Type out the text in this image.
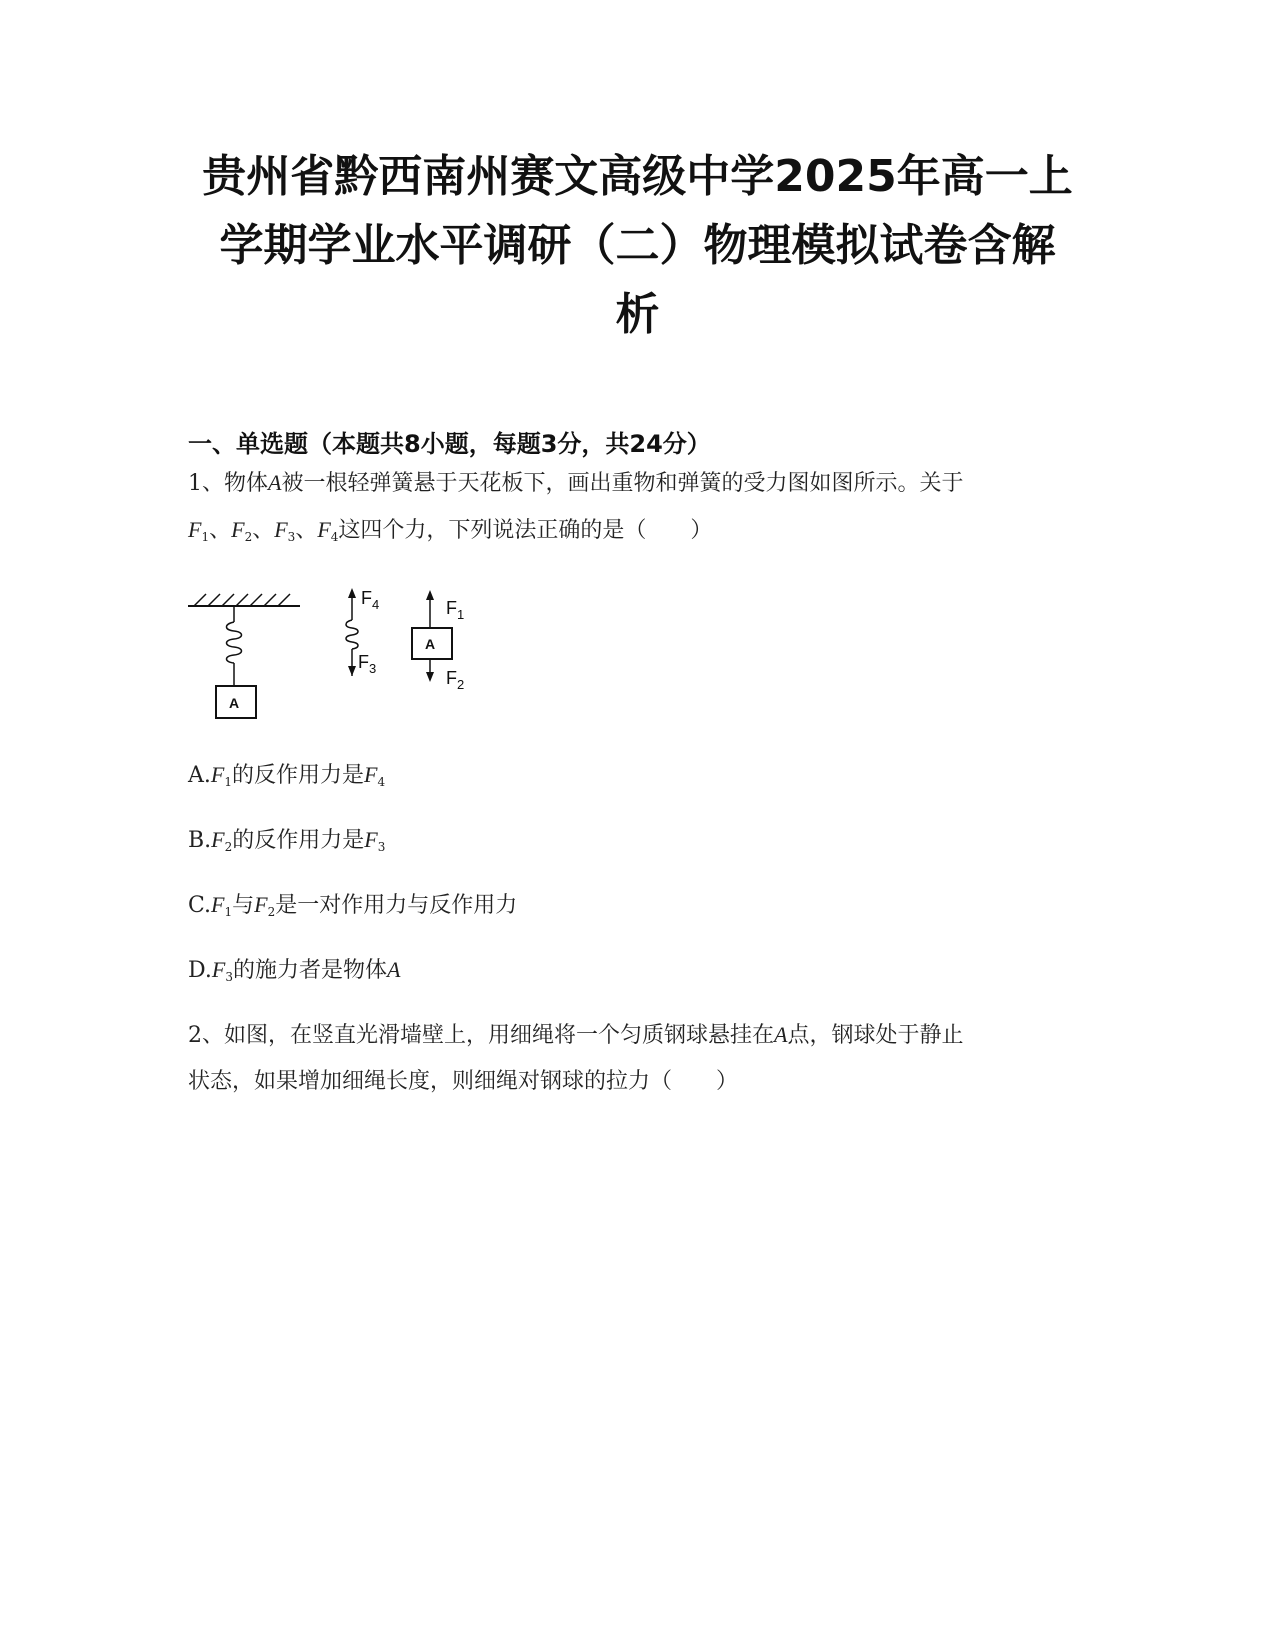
贵州省黔西南州赛文高级中学2025年高一上
学期学业水平调研（二）物理模拟试卷含解
析
一、单选题（本题共8小题，每题3分，共24分）
1、物体A被一根轻弹簧悬于天花板下，画出重物和弹簧的受力图如图所示。关于
$F_1$、$F_2$、$F_3$、$F_4$这四个力，下列说法正确的是（　　）
A
$F_4$
$F_3$
A
$F_1$
$F_2$
$A.F_1$的反作用力是$F_4$
$B.F_2$的反作用力是$F_3$
$C.F_1$与$F_2$是一对作用力与反作用力
$D.F_3$的施力者是物体A
2、如图，在竖直光滑墙壁上，用细绳将一个匀质钢球悬挂在A点，钢球处于静止
状态，如果增加细绳长度，则细绳对钢球的拉力（　　）
